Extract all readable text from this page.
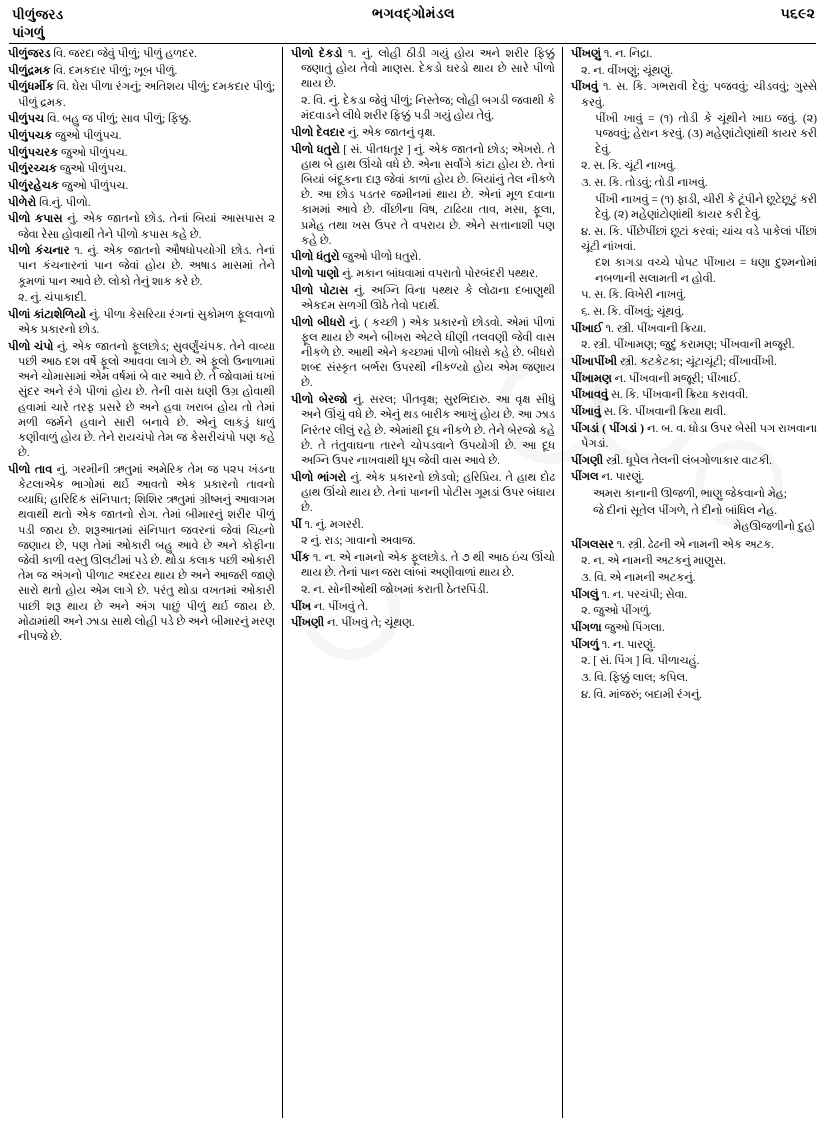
પીળુંજરડ	ભગવદ્ગોમંડલ	૫૬૯૨
પાંગળું

પીળુંજરડ વિ. જરદા જેવું પીળું; પીળું હળદર.

પીળુંદ્રમક વિ. દમકદાર પીળું; ખૂબ પીળું.

પીળુંધર્મીક વિ. ઘેરા પીળા રંગનું; અતિશય પીળું; દમકદાર પીળું; પીળું દ્રમક.

પીળુંપચ વિ. બહુ જ પીળું; સાવ પીળું; ફિક્કુ.

પીળુંપચક જુઓ પીળુંપચ.

પીળુંપચરક જુઓ પીળુંપચ.

પીળુંરચ્ચક જુઓ પીળુંપચ.

પીળુંરહેચક જુઓ પીળુંપચ.

પીળેરો વિ.નું. પીળો.

પીળો કપાસ નું. એક જાતનો છોડ. તેનાં બિયાં આસપાસ ૨ જેવા રેસા હોવાથી તેને પીળો કપાસ કહે છે.

પીળો કંચનાર ૧. નું. એક જાતનો ઔષધોપયોગી છોડ. તેનાં પાન કંચનારનાં પાન જેવાં હોય છે. અષાડ માસમાં તેને કૂમળાં પાન આવે છે. લોકો તેનું શાક કરે છે.

૨. નું. ચંપાકાદી.

પીળાં કાંટાશેળિયો નું. પીળા કેસરિયા રંગનાં સુકોમળ ફૂલવાળો એક પ્રકારનો છોડ.

પીળો ચંપો નું. એક જાતનો ફૂલછોડ; સુવર્ણુંચંપક. તેને વાવ્યા પછી આઠ દશ વર્ષે ફૂલો આવવા લાગે છે. એ ફૂલો ઉનાળામાં અને ચોમાસામાં એમ વર્ષમાં બે વાર આવે છે. તે જોવામાં ધખાં સુંદર અને રંગે પીળાં હોય છે. તેની વાસ ઘણી ઉગ્ર હોવાથી હવામાં ચારે તરફ પ્રસરે છે અને હવા ખરાબ હોય તો તેમાં મળી જર્મને હવાને સારી બનાવે છે. એનું લાકડું ધાળું કણીવાળું હોય છે. તેને રાયચંપો તેમ જ કેસરીચંપો પણ કહે છે.

પીળો તાવ નું. ગરમીની ઋતુમાં અમેરિક તેમ જ ૫૨૫ ખંડના કેટલાએક ભાગોમાં થર્ઇ આવતો એક પ્રકારનો તાવનો વ્યાધિ; હારિદિક સંનિપાત; શિશિર ઋતુમાં ગ્રીષ્મનું આવાગમ થવાથી થતો એક જાતનો રોગ. તેમાં બીમારનું શરીર પીળું પડી જાય છે. શરૂઆતમાં સંનિપાત જવરનાં જેવાં ચિહ્નો જણાય છે, પણ તેમાં ઓકારી બહુ આવે છે અને કોફીના જેવી કાળી વસ્તુ ઊલટીમાં પડે છે. થોડા કલાક પછી ઓકારી તેમ જ અંગનો પીળાટ અદરય થાય છે અને આજરી જાણે સારો થતો હોય એમ લાગે છે. પરંતુ થોડા વખતમાં ઓકારી પાછી શરૂ થાય છે અને અંગ પાછું પીળું થર્ઇ જાય છે. મોઢામાંથી અને ઝાડા સાથે લોહી પડે છે અને બીમારનું મરણ નીપજે છે.

પીળો દેકડો ૧. નું. લોહી ઠીડી ગયું હોય અને શરીર ફિક્કું જણાતું હોય તેવો માણસ. દેકડો ઘરડો થાય છે સારે પીળો થાય છે.

૨. વિ. નું. દેકડા જેવું પીળું; નિસ્તેજ; લોહી બગડી જવાથી કે મંદવાડને લીધે શરીર ફિક્કું પડી ગયું હોય તેવું.

પીળો દેવદાર નું. એક જાતનું વૃક્ષ.

પીળો ધતુરો [ સં. પીતધતૂર ] નું. એક જાતનો છોડ; એખરો. તે હાથ બે હાથ ઊંચો વધે છે. એના સર્વાંગે કાંટા હોય છે. તેનાં બિયાં બંદૂકના દારૂ જેવાં કાળાં હોય છે. બિયાંનું તેલ નીકળે છે. આ છોડ પડતર જમીનમાં થાય છે. એનાં મૂળ દવાના કામમાં આવે છે. વીંછીના વિષ, ટાઢિયા તાવ, મસા, ફૂલા, પ્રમેહ તથા ખસ ઉપર તે વપરાય છે. એને સત્તાનાશી પણ કહે છે.

પીળો ધંતુરો જુઓ પીળો ધતુરો.

પીળો પાણો નું. મકાન બાંધવામાં વપરાતો પોરબંદરી પથ્થર.

પીળો પોટાસ નું. અગ્નિ વિના પથ્થર કે લોઢાના દબાણુથી એકદમ સળગી ઊઠે તેવો પદાર્થ.

પીળો બીધરો નું. ( કચ્છી ) એક પ્રકારનો છોડવો. એમાં પીળાં ફૂલ થાય છે અને બીખરા એટલે ધીણી તલવણી જેવી વાસ નીકળે છે. આથી એને કચ્છમાં પીળો બીધરો કહે છે. બીધરો શબ્દ સંસ્કૃત બર્ભરા ઉપરથી નીકળ્યો હોય એમ જણાય છે.

પીળો બેરજો નું. સરલ; પીતવૃક્ષ; સુરભિદારુ. આ વૃક્ષ સીધું અને ઊંચું વધે છે. એનું થડ બારીક આખું હોય છે. આ ઝાડ નિરંતર લીલું રહે છે. એમાંથી દૂધ નીકળે છે. તેને બેરજો કહે છે. તે તંતુવાઘના તારને ચોપડવાને ઉપયોગી છે. આ દૂધ અગ્નિ ઉપર નાખવાથી ધૂપ જેવી વાસ આવે છે.

પીળો ભાંગરો નું. એક પ્રકારનો છોડવો; હરિપ્રિય. તે હાથ દોઢ હાથ ઊંચો થાય છે. તેનાં પાનની પોટીસ ગૂમડાં ઉપર બંધાય છે.

પીં ૧. નું. મગરરી.

૨ નું. રાડ; ગાવાનો અવાજ.

પીંક ૧. ન. એ નામનો એક ફૂલછોડ. તે ૭ થી આઠ ઇંચ ઊંચો થાય છે. તેનાં પાન જરા લાંબાં અણીવાળાં થાય છે.

૨. ન. સોનીઓથી જોખમાં કરાતી ઠેતરપિંડી.

પીંખ ન. પીંખવું તે.

પીંખણી ન. પીંખવું તે; ચૂંથણ.

પીંખણું ૧. ન. નિદ્રા.

૨. ન. વીંખણું; ચૂંથણું.

પીંખવું ૧. સ. કિ. ગભરાવી દેવું; પજવવું; ચીડવવું; ગુસ્સે કરવું.

પીંખી ખાવું = (૧) તોડી કે ચૂંથીને ખાઇ જવું. (૨) પજવવું; હેરાન કરવું. (૩) મહેણાંટોણાંથી કાયર કરી દેવું.

૨. સ. કિ. ચૂંટી નાખવું.

૩. સ. કિ. તોડવું; તોડી નાખવું.

પીંખી નાખવું = (૧) ફાડી, ચીરી કે ટૂંપીને છૂટેછૂટું કરી દેવું. (૨) મહેણાંટોણાંથી કાયર કરી દેવું.

૪. સ. કિ. પીંછેપીંછાં છૂટાં કરવાં; ચાંચ વડે પાકેલાં પીંછાં ચૂંટી નાંખવાં.

દશ કાગડા વચ્ચે પોપટ પીંખાય = ધણા દુશ્મનોમાં નબળાની સલામતી ન હોવી.

૫. સ. કિ. વિખેરી નાખવું.

૬. સ. કિ. વીંખવું; ચૂંથવું.

પીંખાઈ ૧. સ્ત્રી. પીંખવાની ક્રિયા.

૨. સ્ત્રી. પીંખામણ; જુદું કરામણ; પીંખવાની મજૂરી.

પીંખાપીંખી સ્ત્રી. કટકેટકા; ચૂંટાચૂંટી; વીંખાવીંખી.

પીંખામણ ન. પીંખવાની મજૂરી; પીંખાઈ.

પીંખાવવું સ. કિ. પીંખવાની ક્રિયા કરાવવી.

પીંખાવું સ. કિ. પીંખવાની ક્રિયા થવી.

પીંગડાં ( પીંગડાં ) ન. બ. વ. ધોડા ઉપર બેસી પગ રાખવાના પેગડાં.

પીંગણી સ્ત્રી. ધૂપેલ તેલની લંબગોળાકાર વાટકી.

પીંગલ ન. પારણું.

અમરા કાનાની ઊજળી, ભાણુ જેકવાનો મેહ;

જે દીનાં સૂતેલ પીંગળે, તે દીનો બાંધિલ નેહ.

મેહઊજળીનો દુહો

પીંગલસર ૧. સ્ત્રી. ઢેઢની એ નામની એક અટક.

૨. ન. એ નામની અટકનું માણુસ.

૩. વિ. એ નામની અટકનું.

પીંગલું ૧. ન. પરચંપી; સેવા.

૨. જુઓ પીંગળું.

પીંગળા જુઓ પિંગલા.

પીંગળું ૧. ન. પારણું.

૨. [ સં. પિંગ ] વિ. પીળાચહું.

૩. વિ. ફિક્કું લાલ; કપિલ.

૪. વિ. માંજરું; બદામી રંગનું.
